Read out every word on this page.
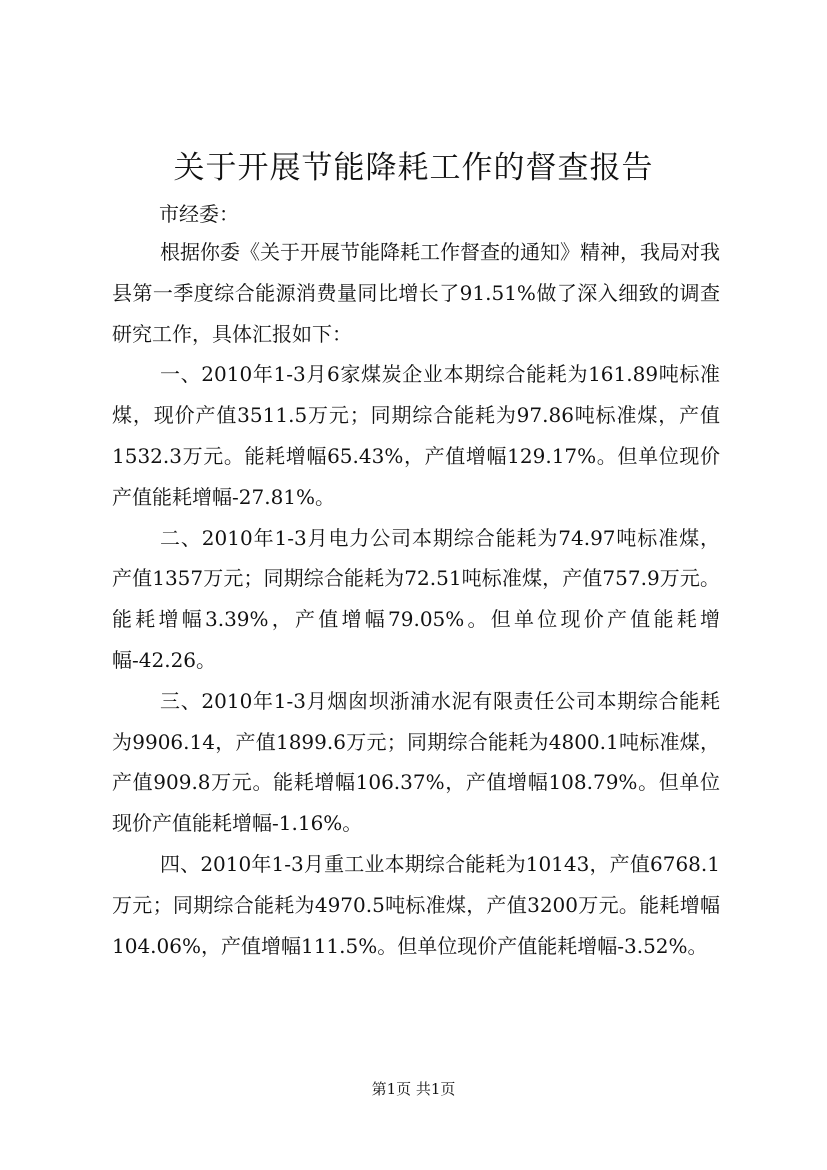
关于开展节能降耗工作的督查报告

市经委：

根据你委《关于开展节能降耗工作督查的通知》精神，我局对我县第一季度综合能源消费量同比增长了91.51%做了深入细致的调查研究工作，具体汇报如下：

一、2010年1-3月6家煤炭企业本期综合能耗为161.89吨标准煤，现价产值3511.5万元；同期综合能耗为97.86吨标准煤，产值1532.3万元。能耗增幅65.43%，产值增幅129.17%。但单位现价产值能耗增幅-27.81%。

二、2010年1-3月电力公司本期综合能耗为74.97吨标准煤，产值1357万元；同期综合能耗为72.51吨标准煤，产值757.9万元。能耗增幅3.39%，产值增幅79.05%。但单位现价产值能耗增幅-42.26。

三、2010年1-3月烟囱坝浙浦水泥有限责任公司本期综合能耗为9906.14，产值1899.6万元；同期综合能耗为4800.1吨标准煤，产值909.8万元。能耗增幅106.37%，产值增幅108.79%。但单位现价产值能耗增幅-1.16%。

四、2010年1-3月重工业本期综合能耗为10143，产值6768.1万元；同期综合能耗为4970.5吨标准煤，产值3200万元。能耗增幅104.06%，产值增幅111.5%。但单位现价产值能耗增幅-3.52%。

第1页 共1页
